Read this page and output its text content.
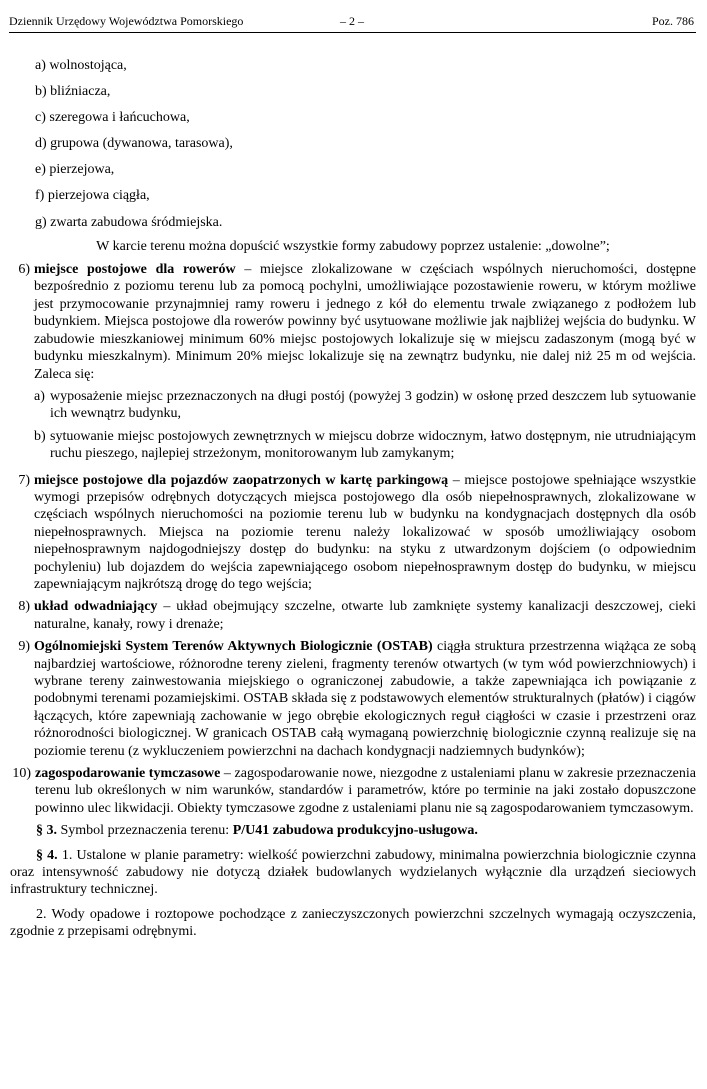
Dziennik Urzędowy Województwa Pomorskiego	– 2 –	Poz. 786
a) wolnostojąca,
b) bliźniacza,
c) szeregowa i łańcuchowa,
d) grupowa (dywanowa, tarasowa),
e) pierzejowa,
f) pierzejowa ciągła,
g) zwarta zabudowa śródmiejska.
W karcie terenu można dopuścić wszystkie formy zabudowy poprzez ustalenie: „dowolne”;
6) miejsce postojowe dla rowerów – miejsce zlokalizowane w częściach wspólnych nieruchomości, dostępne bezpośrednio z poziomu terenu lub za pomocą pochylni, umożliwiające pozostawienie roweru, w którym możliwe jest przymocowanie przynajmniej ramy roweru i jednego z kół do elementu trwale związanego z podłożem lub budynkiem. Miejsca postojowe dla rowerów powinny być usytuowane możliwie jak najbliżej wejścia do budynku. W zabudowie mieszkaniowej minimum 60% miejsc postojowych lokalizuje się w miejscu zadaszonym (mogą być w budynku mieszkalnym). Minimum 20% miejsc lokalizuje się na zewnątrz budynku, nie dalej niż 25 m od wejścia. Zaleca się:
a) wyposażenie miejsc przeznaczonych na długi postój (powyżej 3 godzin) w osłonę przed deszczem lub sytuowanie ich wewnątrz budynku,
b) sytuowanie miejsc postojowych zewnętrznych w miejscu dobrze widocznym, łatwo dostępnym, nie utrudniającym ruchu pieszego, najlepiej strzeżonym, monitorowanym lub zamykanym;
7) miejsce postojowe dla pojazdów zaopatrzonych w kartę parkingową – miejsce postojowe spełniające wszystkie wymogi przepisów odrębnych dotyczących miejsca postojowego dla osób niepełnosprawnych, zlokalizowane w częściach wspólnych nieruchomości na poziomie terenu lub w budynku na kondygnacjach dostępnych dla osób niepełnosprawnych. Miejsca na poziomie terenu należy lokalizować w sposób umożliwiający osobom niepełnosprawnym najdogodniejszy dostęp do budynku: na styku z utwardzonym dojściem (o odpowiednim pochyleniu) lub dojazdem do wejścia zapewniającego osobom niepełnosprawnym dostęp do budynku, w miejscu zapewniającym najkrótszą drogę do tego wejścia;
8) układ odwadniający – układ obejmujący szczelne, otwarte lub zamknięte systemy kanalizacji deszczowej, cieki naturalne, kanały, rowy i drenaże;
9) Ogólnomiejski System Terenów Aktywnych Biologicznie (OSTAB) ciągła struktura przestrzenna wiążąca ze sobą najbardziej wartościowe, różnorodne tereny zieleni, fragmenty terenów otwartych (w tym wód powierzchniowych) i wybrane tereny zainwestowania miejskiego o ograniczonej zabudowie, a także zapewniająca ich powiązanie z podobnymi terenami pozamiejskimi. OSTAB składa się z podstawowych elementów strukturalnych (płatów) i ciągów łączących, które zapewniają zachowanie w jego obrębie ekologicznych reguł ciągłości w czasie i przestrzeni oraz różnorodności biologicznej. W granicach OSTAB całą wymaganą powierzchnię biologicznie czynną realizuje się na poziomie terenu (z wykluczeniem powierzchni na dachach kondygnacji nadziemnych budynków);
10) zagospodarowanie tymczasowe – zagospodarowanie nowe, niezgodne z ustaleniami planu w zakresie przeznaczenia terenu lub określonych w nim warunków, standardów i parametrów, które po terminie na jaki zostało dopuszczone powinno ulec likwidacji. Obiekty tymczasowe zgodne z ustaleniami planu nie są zagospodarowaniem tymczasowym.
§ 3. Symbol przeznaczenia terenu: P/U41 zabudowa produkcyjno-usługowa.
§ 4. 1. Ustalone w planie parametry: wielkość powierzchni zabudowy, minimalna powierzchnia biologicznie czynna oraz intensywność zabudowy nie dotyczą działek budowlanych wydzielanych wyłącznie dla urządzeń sieciowych infrastruktury technicznej.
2. Wody opadowe i roztopowe pochodzące z zanieczyszczonych powierzchni szczelnych wymagają oczyszczenia, zgodnie z przepisami odrębnymi.
